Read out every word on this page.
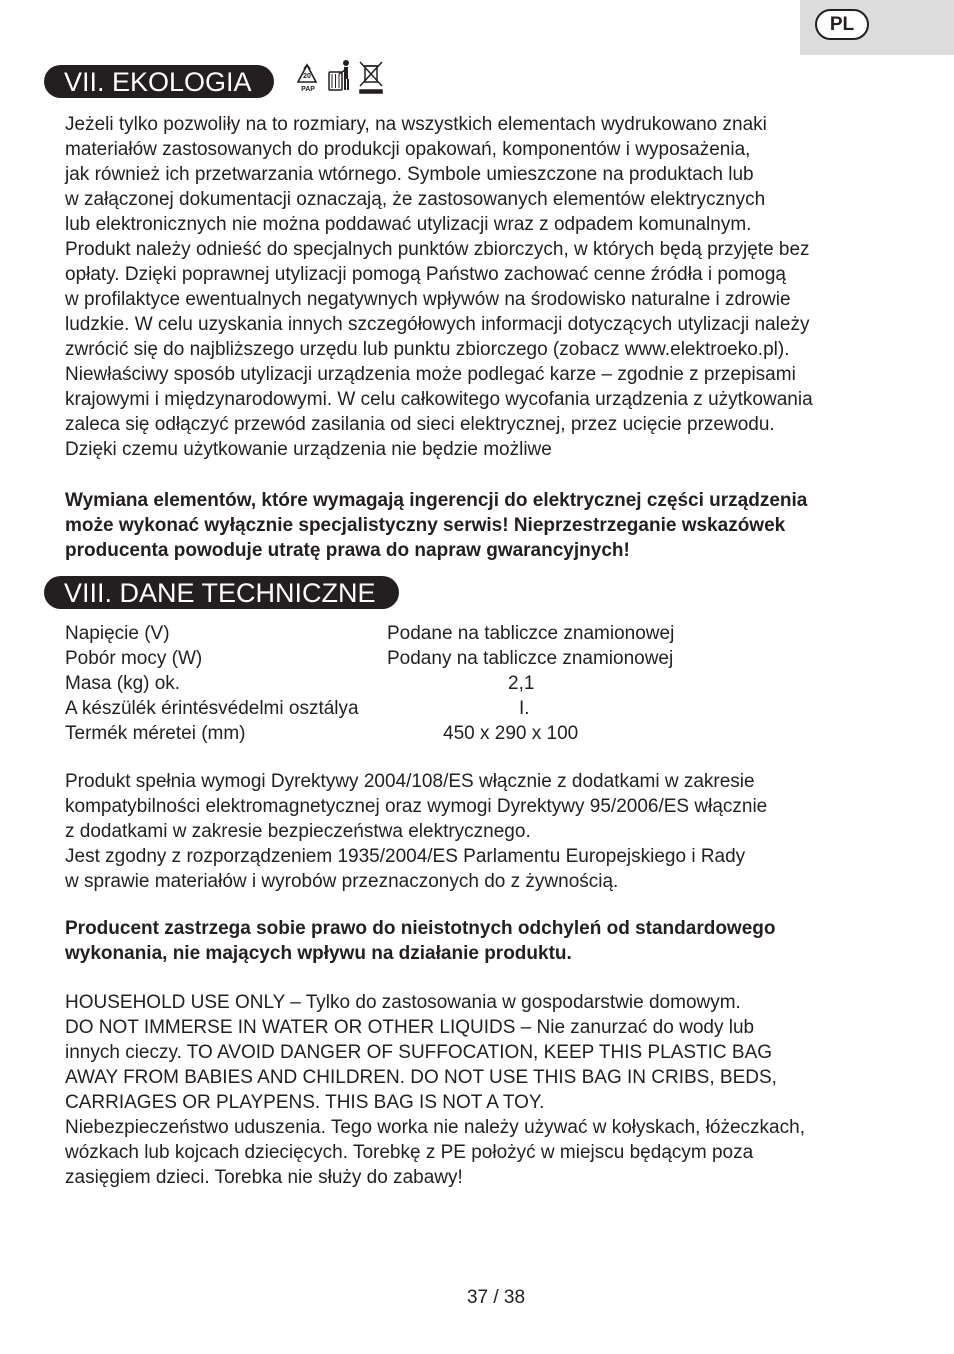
PL
VII. EKOLOGIA	20
PAP

Jeżeli tylko pozwoliły na to rozmiary, na wszystkich elementach wydrukowano znaki
materiałów zastosowanych do produkcji opakowań, komponentów i wyposażenia,
jak również ich przetwarzania wtórnego. Symbole umieszczone na produktach lub
w załączonej dokumentacji oznaczają, że zastosowanych elementów elektrycznych
lub elektronicznych nie można poddawać utylizacji wraz z odpadem komunalnym.
Produkt należy odnieść do specjalnych punktów zbiorczych, w których będą przyjęte bez
opłaty. Dzięki poprawnej utylizacji pomogą Państwo zachować cenne źródła i pomogą
w profilaktyce ewentualnych negatywnych wpływów na środowisko naturalne i zdrowie
ludzkie. W celu uzyskania innych szczegółowych informacji dotyczących utylizacji należy
zwrócić się do najbliższego urzędu lub punktu zbiorczego (zobacz www.elektroeko.pl).
Niewłaściwy sposób utylizacji urządzenia może podlegać karze – zgodnie z przepisami
krajowymi i międzynarodowymi. W celu całkowitego wycofania urządzenia z użytkowania
zaleca się odłączyć przewód zasilania od sieci elektrycznej, przez ucięcie przewodu.
Dzięki czemu użytkowanie urządzenia nie będzie możliwe

Wymiana elementów, które wymagają ingerencji do elektrycznej części urządzenia
może wykonać wyłącznie specjalistyczny serwis! Nieprzestrzeganie wskazówek
producenta powoduje utratę prawa do napraw gwarancyjnych!

VIII. DANE TECHNICZNE
Napięcie (V)	Podane na tabliczce znamionowej
Pobór mocy (W)	Podany na tabliczce znamionowej
Masa (kg) ok.	2,1
A készülék érintésvédelmi osztálya	I.
Termék méretei (mm)	450 x 290 x 100

Produkt spełnia wymogi Dyrektywy 2004/108/ES włącznie z dodatkami w zakresie
kompatybilności elektromagnetycznej oraz wymogi Dyrektywy 95/2006/ES włącznie
z dodatkami w zakresie bezpieczeństwa elektrycznego.
Jest zgodny z rozporządzeniem 1935/2004/ES Parlamentu Europejskiego i Rady
w sprawie materiałów i wyrobów przeznaczonych do z żywnością.

Producent zastrzega sobie prawo do nieistotnych odchyleń od standardowego
wykonania, nie mających wpływu na działanie produktu.

HOUSEHOLD USE ONLY – Tylko do zastosowania w gospodarstwie domowym.
DO NOT IMMERSE IN WATER OR OTHER LIQUIDS – Nie zanurzać do wody lub
innych cieczy. TO AVOID DANGER OF SUFFOCATION, KEEP THIS PLASTIC BAG
AWAY FROM BABIES AND CHILDREN. DO NOT USE THIS BAG IN CRIBS, BEDS,
CARRIAGES OR PLAYPENS. THIS BAG IS NOT A TOY.
Niebezpieczeństwo uduszenia. Tego worka nie należy używać w kołyskach, łóżeczkach,
wózkach lub kojcach dziecięcych. Torebkę z PE położyć w miejscu będącym poza
zasięgiem dzieci. Torebka nie służy do zabawy!

37 / 38
